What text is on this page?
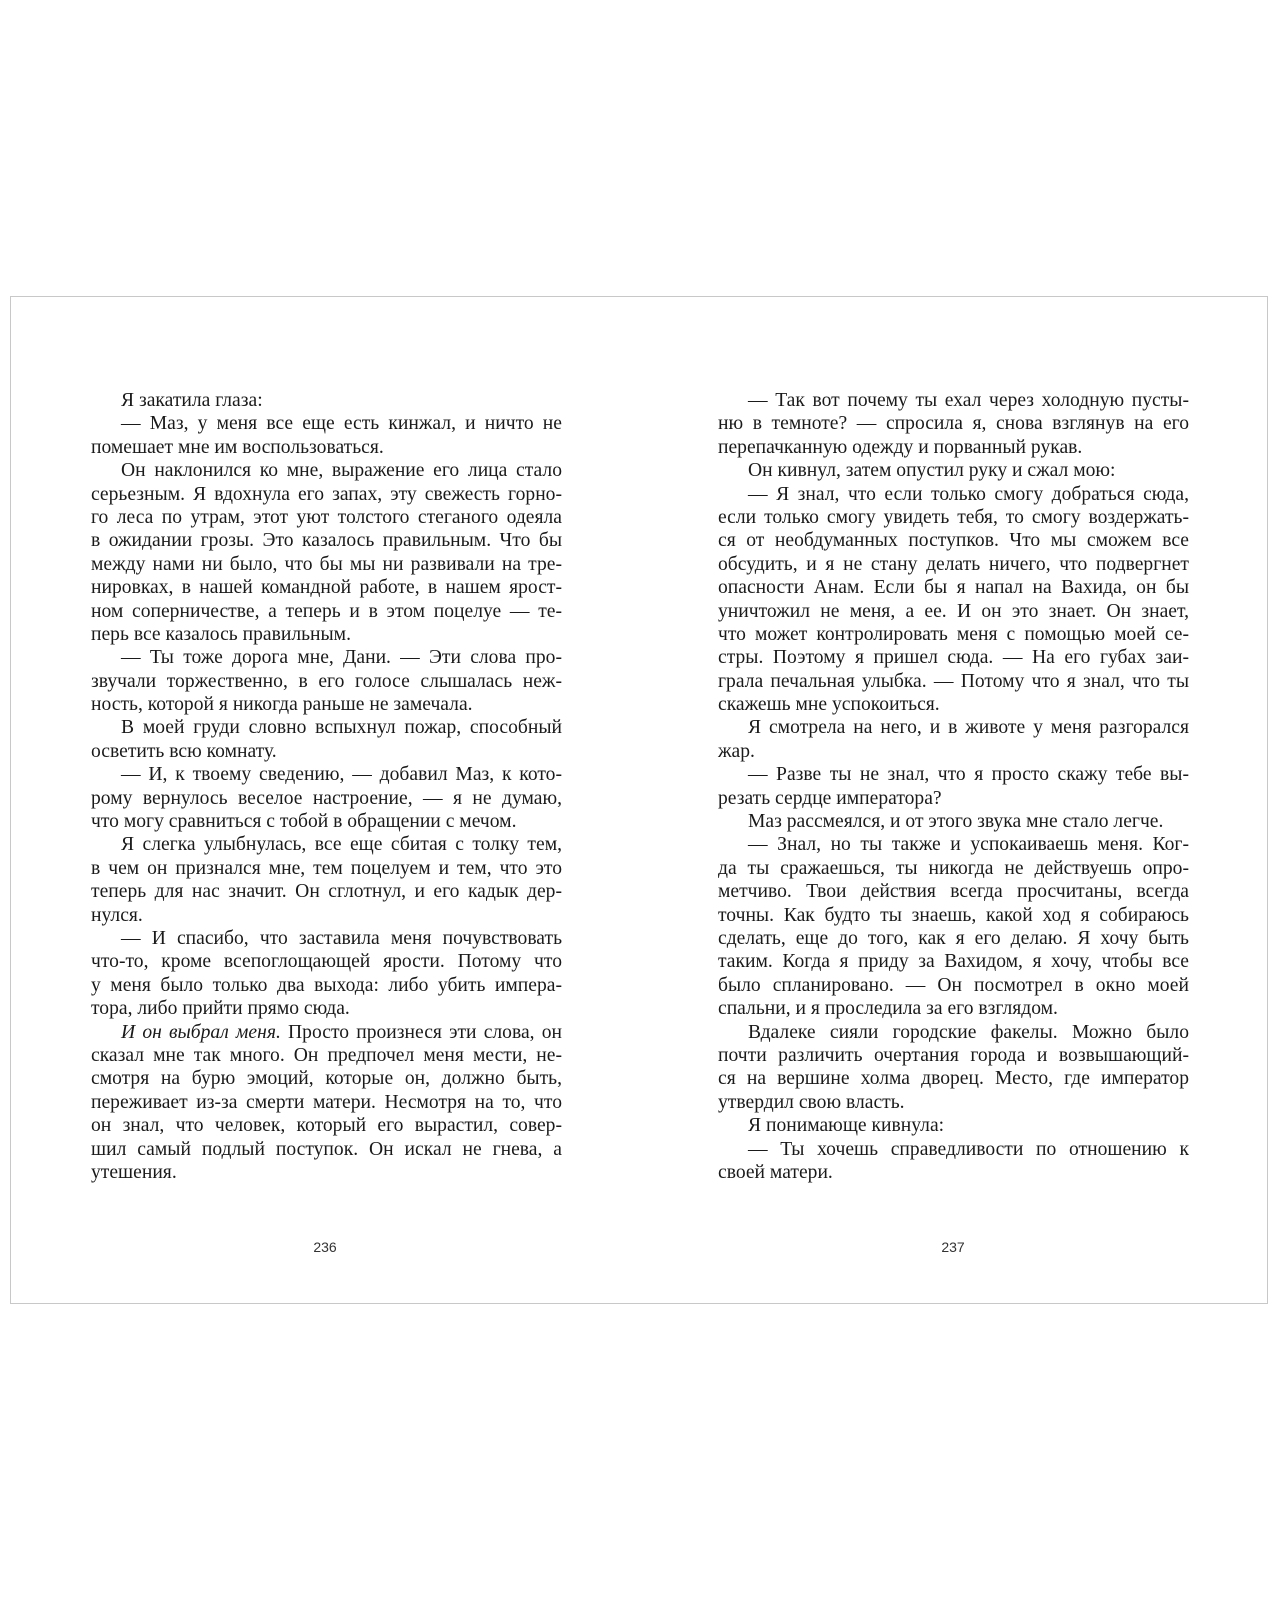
Я закатила глаза:
— Маз, у меня все еще есть кинжал, и ничто не
помешает мне им воспользоваться.
Он наклонился ко мне, выражение его лица стало
серьезным. Я вдохнула его запах, эту свежесть горно-
го леса по утрам, этот уют толстого стеганого одеяла
в ожидании грозы. Это казалось правильным. Что бы
между нами ни было, что бы мы ни развивали на тре-
нировках, в нашей командной работе, в нашем ярост-
ном соперничестве, а теперь и в этом поцелуе — те-
перь все казалось правильным.
— Ты тоже дорога мне, Дани. — Эти слова про-
звучали торжественно, в его голосе слышалась неж-
ность, которой я никогда раньше не замечала.
В моей груди словно вспыхнул пожар, способный
осветить всю комнату.
— И, к твоему сведению, — добавил Маз, к кото-
рому вернулось веселое настроение, — я не думаю,
что могу сравниться с тобой в обращении с мечом.
Я слегка улыбнулась, все еще сбитая с толку тем,
в чем он признался мне, тем поцелуем и тем, что это
теперь для нас значит. Он сглотнул, и его кадык дер-
нулся.
— И спасибо, что заставила меня почувствовать
что-то, кроме всепоглощающей ярости. Потому что
у меня было только два выхода: либо убить импера-
тора, либо прийти прямо сюда.
И он выбрал меня. Просто произнеся эти слова, он
сказал мне так много. Он предпочел меня мести, не-
смотря на бурю эмоций, которые он, должно быть,
переживает из-за смерти матери. Несмотря на то, что
он знал, что человек, который его вырастил, совер-
шил самый подлый поступок. Он искал не гнева, а
утешения.
— Так вот почему ты ехал через холодную пусты-
ню в темноте? — спросила я, снова взглянув на его
перепачканную одежду и порванный рукав.
Он кивнул, затем опустил руку и сжал мою:
— Я знал, что если только смогу добраться сюда,
если только смогу увидеть тебя, то смогу воздержать-
ся от необдуманных поступков. Что мы сможем все
обсудить, и я не стану делать ничего, что подвергнет
опасности Анам. Если бы я напал на Вахида, он бы
уничтожил не меня, а ее. И он это знает. Он знает,
что может контролировать меня с помощью моей се-
стры. Поэтому я пришел сюда. — На его губах заи-
грала печальная улыбка. — Потому что я знал, что ты
скажешь мне успокоиться.
Я смотрела на него, и в животе у меня разгорался
жар.
— Разве ты не знал, что я просто скажу тебе вы-
резать сердце императора?
Маз рассмеялся, и от этого звука мне стало легче.
— Знал, но ты также и успокаиваешь меня. Ког-
да ты сражаешься, ты никогда не действуешь опро-
метчиво. Твои действия всегда просчитаны, всегда
точны. Как будто ты знаешь, какой ход я собираюсь
сделать, еще до того, как я его делаю. Я хочу быть
таким. Когда я приду за Вахидом, я хочу, чтобы все
было спланировано. — Он посмотрел в окно моей
спальни, и я проследила за его взглядом.
Вдалеке сияли городские факелы. Можно было
почти различить очертания города и возвышающий-
ся на вершине холма дворец. Место, где император
утвердил свою власть.
Я понимающе кивнула:
— Ты хочешь справедливости по отношению к
своей матери.
236	237
